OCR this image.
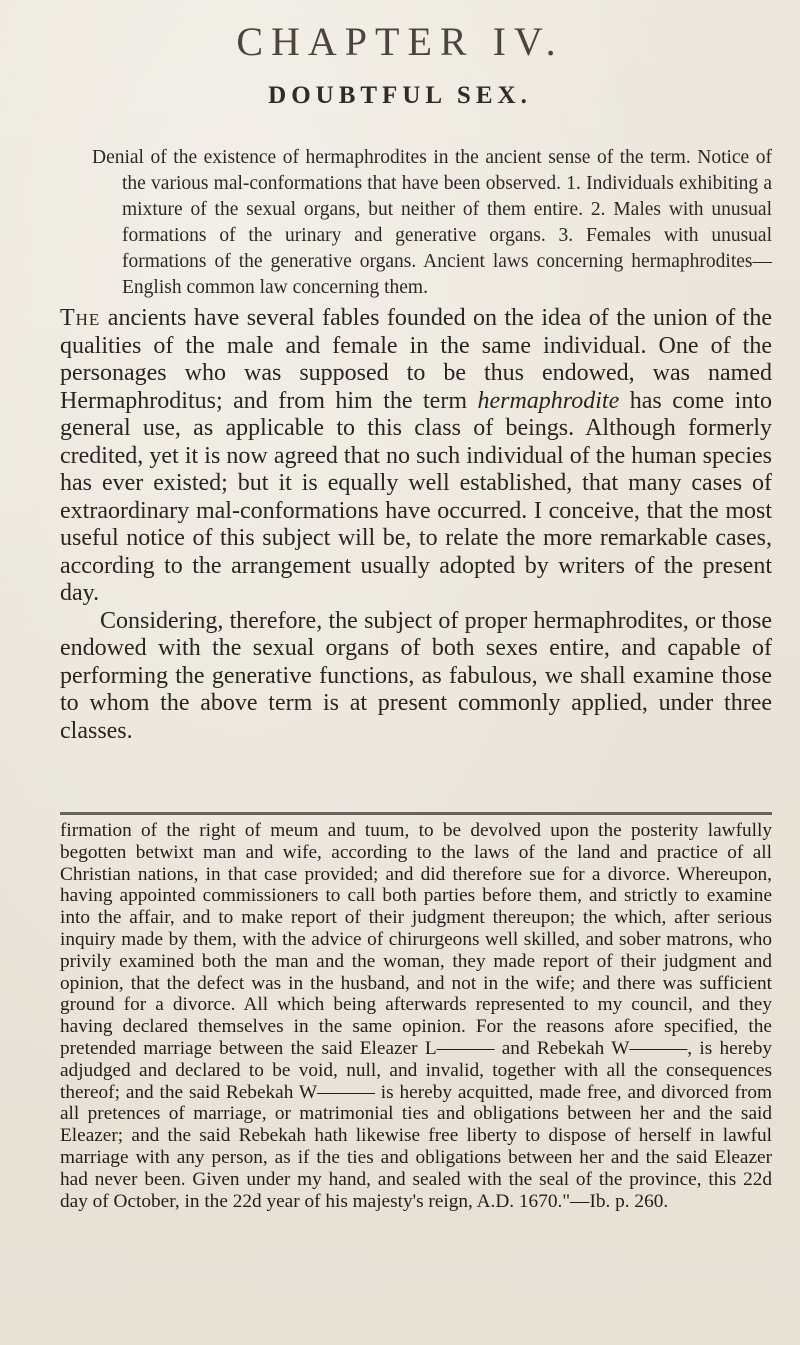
CHAPTER IV.
DOUBTFUL SEX.
Denial of the existence of hermaphrodites in the ancient sense of the term. Notice of the various mal-conformations that have been observed. 1. Individuals exhibiting a mixture of the sexual organs, but neither of them entire. 2. Males with unusual formations of the urinary and generative organs. 3. Females with unusual formations of the generative organs. Ancient laws concerning hermaphrodites—English common law concerning them.

The ancients have several fables founded on the idea of the union of the qualities of the male and female in the same individual. One of the personages who was supposed to be thus endowed, was named Hermaphroditus; and from him the term hermaphrodite has come into general use, as applicable to this class of beings. Although formerly credited, yet it is now agreed that no such individual of the human species has ever existed; but it is equally well established, that many cases of extraordinary mal-conformations have occurred. I conceive, that the most useful notice of this subject will be, to relate the more remarkable cases, according to the arrangement usually adopted by writers of the present day.

Considering, therefore, the subject of proper hermaphrodites, or those endowed with the sexual organs of both sexes entire, and capable of performing the generative functions, as fabulous, we shall examine those to whom the above term is at present commonly applied, under three classes.

firmation of the right of meum and tuum, to be devolved upon the posterity lawfully begotten betwixt man and wife, according to the laws of the land and practice of all Christian nations, in that case provided; and did therefore sue for a divorce. Whereupon, having appointed commissioners to call both parties before them, and strictly to examine into the affair, and to make report of their judgment thereupon; the which, after serious inquiry made by them, with the advice of chirurgeons well skilled, and sober matrons, who privily examined both the man and the woman, they made report of their judgment and opinion, that the defect was in the husband, and not in the wife; and there was sufficient ground for a divorce. All which being afterwards represented to my council, and they having declared themselves in the same opinion. For the reasons afore specified, the pretended marriage between the said Eleazer L——— and Rebekah W———, is hereby adjudged and declared to be void, null, and invalid, together with all the consequences thereof; and the said Rebekah W——— is hereby acquitted, made free, and divorced from all pretences of marriage, or matrimonial ties and obligations between her and the said Eleazer; and the said Rebekah hath likewise free liberty to dispose of herself in lawful marriage with any person, as if the ties and obligations between her and the said Eleazer had never been. Given under my hand, and sealed with the seal of the province, this 22d day of October, in the 22d year of his majesty's reign, A.D. 1670."—Ib. p. 260.
